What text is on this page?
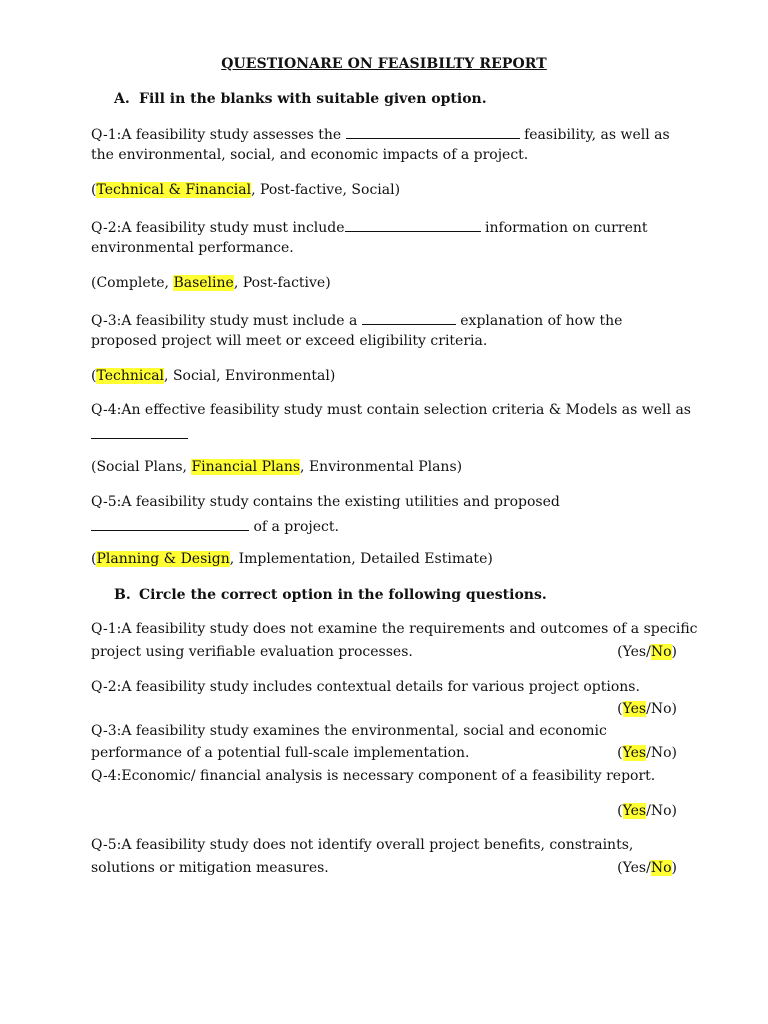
QUESTIONARE ON FEASIBILTY REPORT
A. Fill in the blanks with suitable given option.
Q-1:A feasibility study assesses the	feasibility, as well as
the environmental, social, and economic impacts of a project.
(Technical & Financial, Post-factive, Social)
Q-2:A feasibility study must include	information on current
environmental performance.
(Complete, Baseline, Post-factive)
Q-3:A feasibility study must include a	explanation of how the
proposed project will meet or exceed eligibility criteria.
(Technical, Social, Environmental)
Q-4:An effective feasibility study must contain selection criteria & Models as well as
(Social Plans, Financial Plans, Environmental Plans)
Q-5:A feasibility study contains the existing utilities and proposed
of a project.
(Planning & Design, Implementation, Detailed Estimate)
B. Circle the correct option in the following questions.
Q-1:A feasibility study does not examine the requirements and outcomes of a specific
project using verifiable evaluation processes.	(Yes/No)
Q-2:A feasibility study includes contextual details for various project options.
(Yes/No)
Q-3:A feasibility study examines the environmental, social and economic
performance of a potential full-scale implementation.	(Yes/No)
Q-4:Economic/ financial analysis is necessary component of a feasibility report.
(Yes/No)
Q-5:A feasibility study does not identify overall project benefits, constraints,
solutions or mitigation measures.	(Yes/No)
